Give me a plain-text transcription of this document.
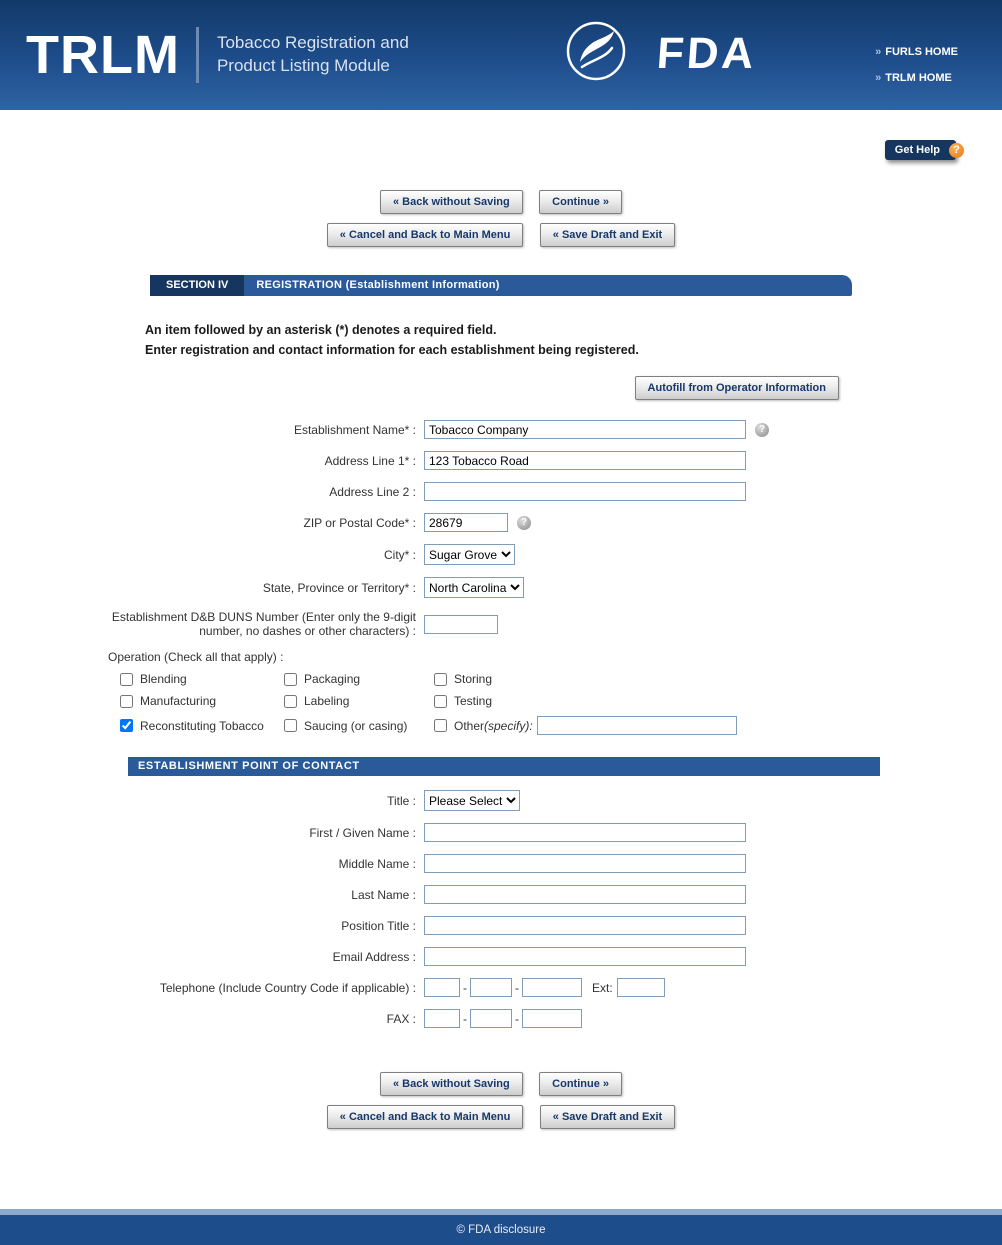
TRLM Tobacco Registration and
Product Listing Module	FDA	» FURLS HOME
» TRLM HOME
Get Help	?
« Back without Saving	Continue »
« Cancel and Back to Main Menu	« Save Draft and Exit
SECTION IV	REGISTRATION (Establishment Information)
An item followed by an asterisk (*) denotes a required field.
Enter registration and contact information for each establishment being registered.
Autofill from Operator Information
Establishment Name* :
Tobacco Company	?
Address Line 1* :
123 Tobacco Road
Address Line 2 :
ZIP or Postal Code* :
28679	?
City* :
Sugar Grove
State, Province or Territory* :
North Carolina
Establishment D&B DUNS Number (Enter only the 9-digit
number, no dashes or other characters) :
Operation (Check all that apply) :
Blending	Packaging	Storing
Manufacturing	Labeling	Testing
Reconstituting Tobacco	Saucing (or casing)	Other (specify):
ESTABLISHMENT POINT OF CONTACT
Title :
Please Select
First / Given Name :
Middle Name :
Last Name :
Position Title :
Email Address :
Telephone (Include Country Code if applicable) :	-	-	Ext:
FAX :	-	-
« Back without Saving	Continue »
« Cancel and Back to Main Menu	« Save Draft and Exit
© FDA disclosure
